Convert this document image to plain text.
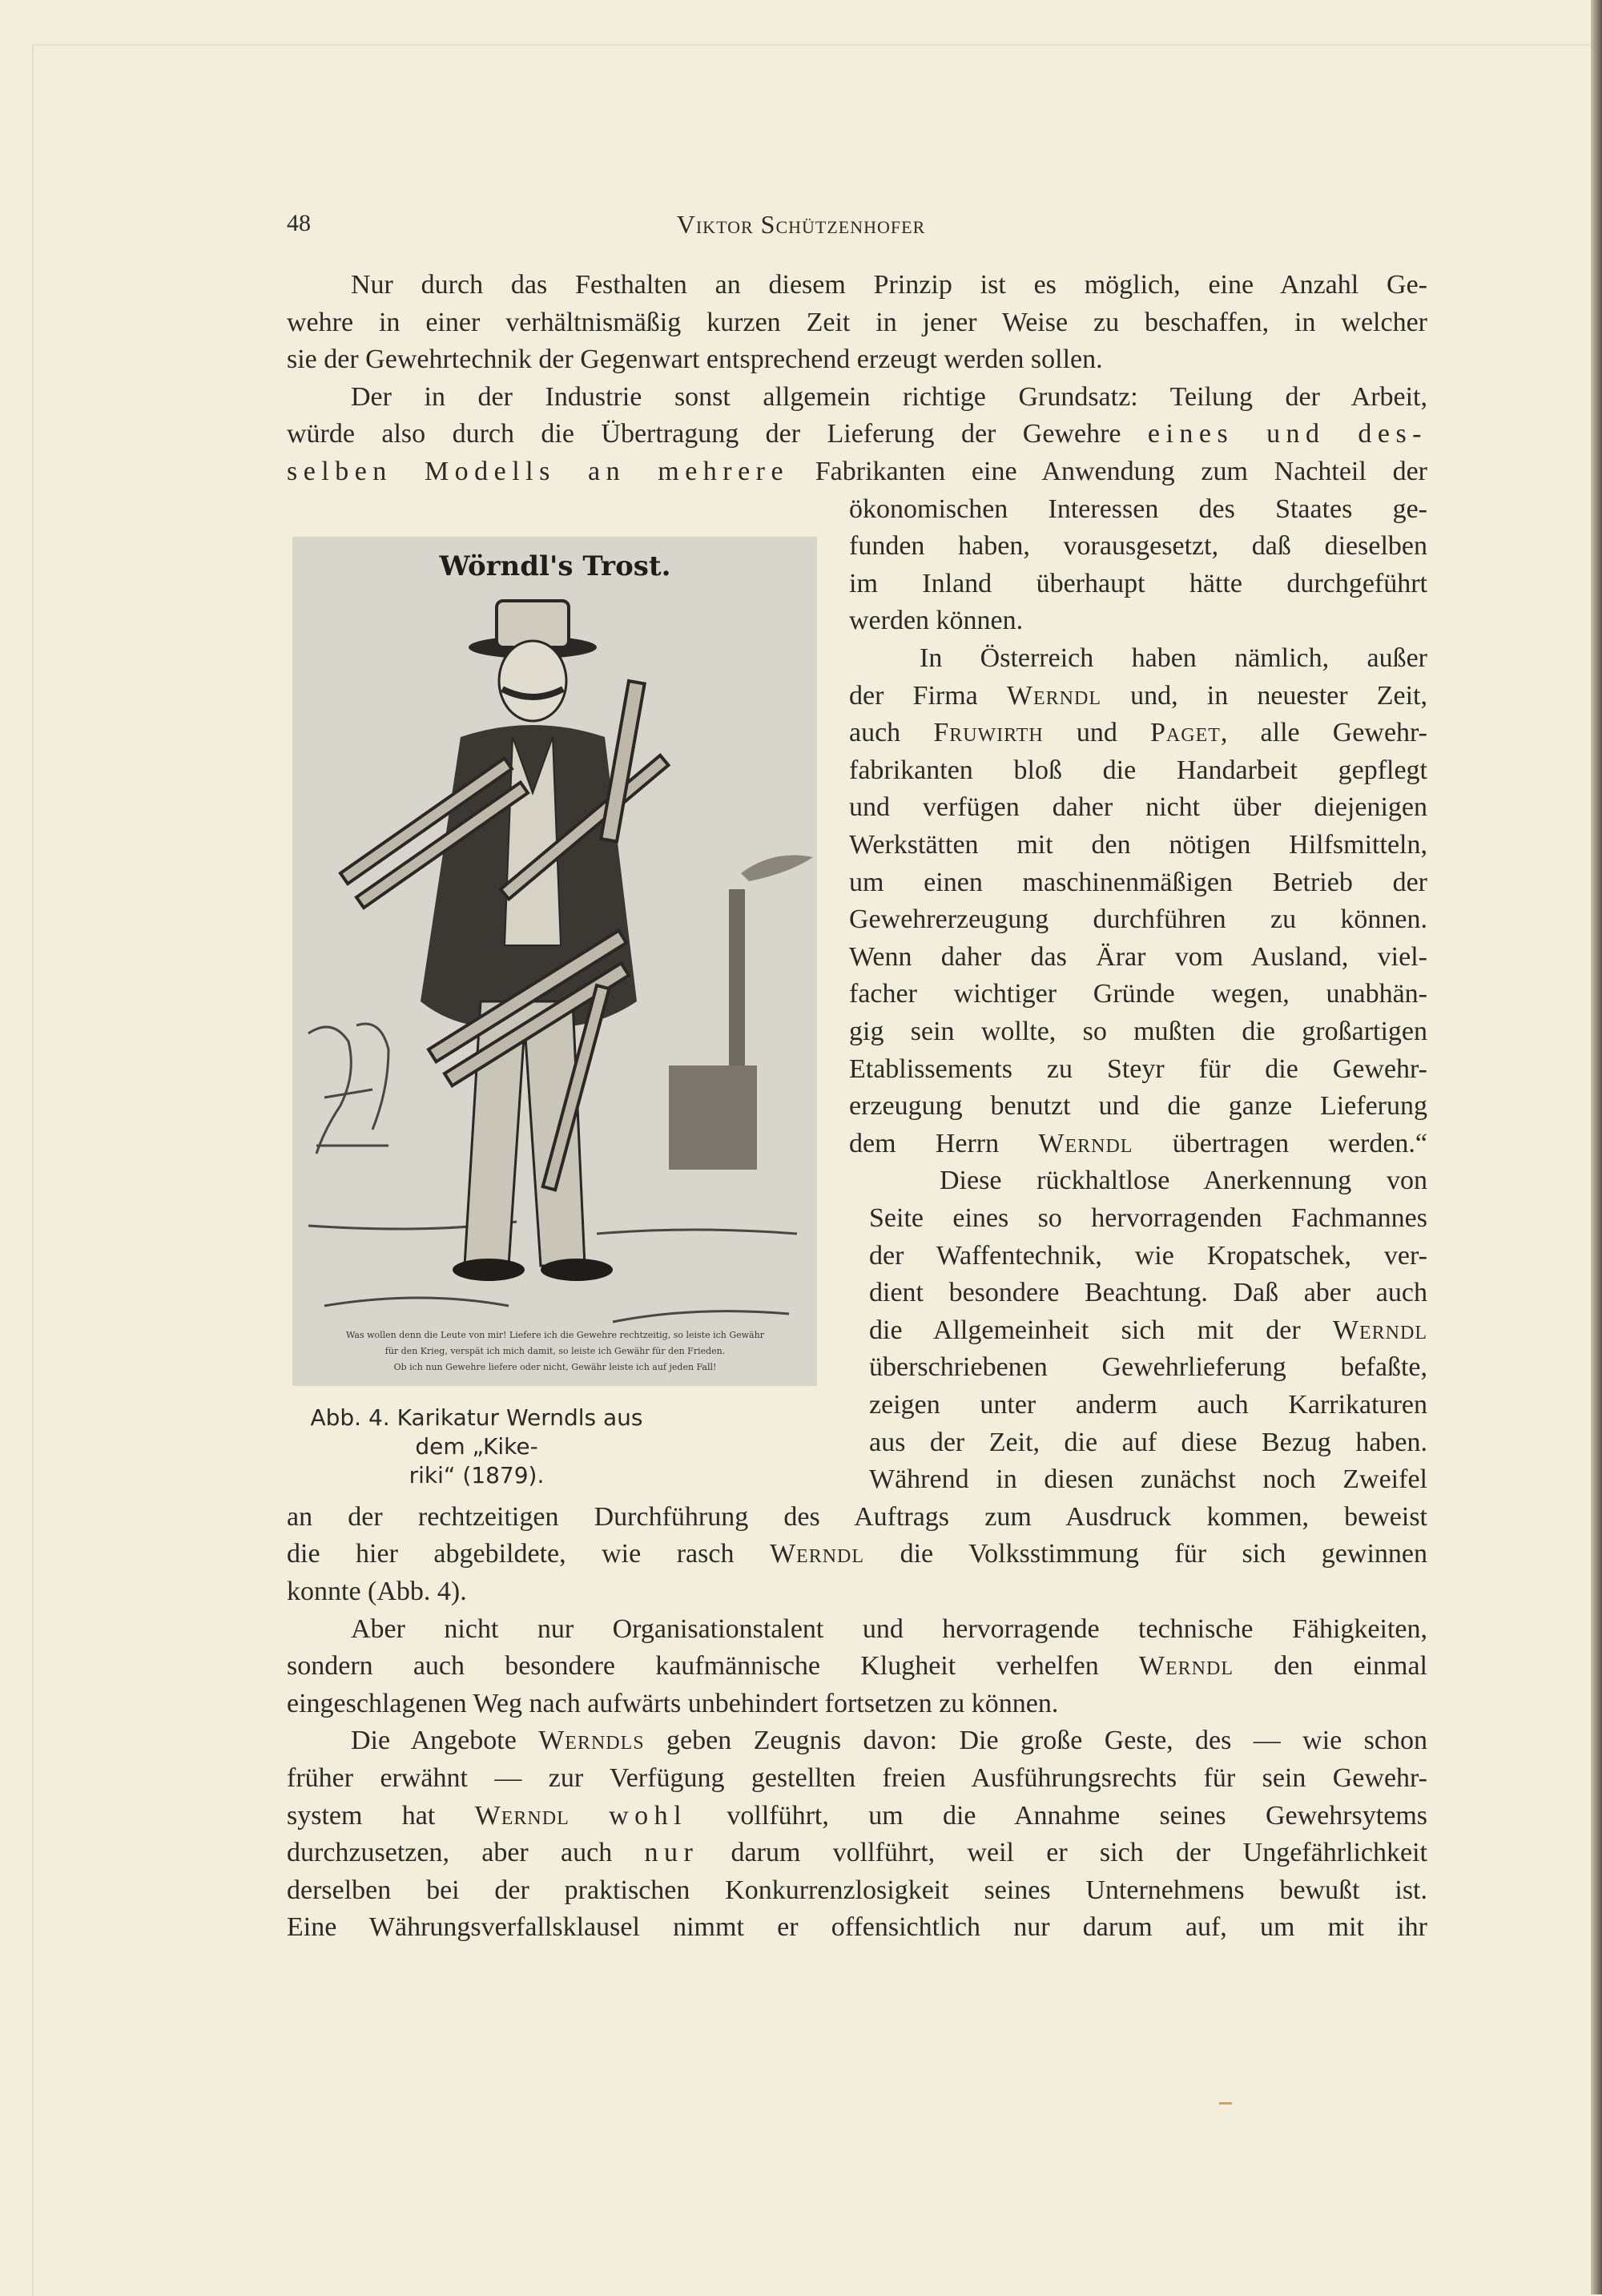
48	Viktor Schützenhofer
Nur durch das Festhalten an diesem Prinzip ist es möglich, eine Anzahl Ge-
wehre in einer verhältnismäßig kurzen Zeit in jener Weise zu beschaffen, in welcher
sie der Gewehrtechnik der Gegenwart entsprechend erzeugt werden sollen.
Der in der Industrie sonst allgemein richtige Grundsatz: Teilung der Arbeit,
würde also durch die Übertragung der Lieferung der Gewehre eines und des-
selben Modells an mehrere Fabrikanten eine Anwendung zum Nachteil der
ökonomischen Interessen des Staates ge-
funden haben, vorausgesetzt, daß dieselben
im Inland überhaupt hätte durchgeführt
werden können.
In Österreich haben nämlich, außer
der Firma Werndl und, in neuester Zeit,
auch Fruwirth und Paget, alle Gewehr-
fabrikanten bloß die Handarbeit gepflegt
und verfügen daher nicht über diejenigen
Werkstätten mit den nötigen Hilfsmitteln,
um einen maschinenmäßigen Betrieb der
Gewehrerzeugung durchführen zu können.
Wenn daher das Ärar vom Ausland, viel-
facher wichtiger Gründe wegen, unabhän-
gig sein wollte, so mußten die großartigen
Etablissements zu Steyr für die Gewehr-
erzeugung benutzt und die ganze Lieferung
dem Herrn Werndl übertragen werden.“
Diese rückhaltlose Anerkennung von
Seite eines so hervorragenden Fachmannes
der Waffentechnik, wie Kropatschek, ver-
dient besondere Beachtung. Daß aber auch
die Allgemeinheit sich mit der Werndl
überschriebenen Gewehrlieferung befaßte,
zeigen unter anderm auch Karrikaturen
aus der Zeit, die auf diese Bezug haben.
Während in diesen zunächst noch Zweifel
an der rechtzeitigen Durchführung des Auftrags zum Ausdruck kommen, beweist
die hier abgebildete, wie rasch Werndl die Volksstimmung für sich gewinnen
konnte (Abb. 4).
Aber nicht nur Organisationstalent und hervorragende technische Fähigkeiten,
sondern auch besondere kaufmännische Klugheit verhelfen Werndl den einmal
eingeschlagenen Weg nach aufwärts unbehindert fortsetzen zu können.
Die Angebote Werndls geben Zeugnis davon: Die große Geste, des — wie schon
früher erwähnt — zur Verfügung gestellten freien Ausführungsrechts für sein Gewehr-
system hat Werndl wohl vollführt, um die Annahme seines Gewehrsytems
durchzusetzen, aber auch nur darum vollführt, weil er sich der Ungefährlichkeit
derselben bei der praktischen Konkurrenzlosigkeit seines Unternehmens bewußt ist.
Eine Währungsverfallsklausel nimmt er offensichtlich nur darum auf, um mit ihr
Wörndl's Trost.
Was wollen denn die Leute von mir! Liefere ich die Gewehre rechtzeitig, so leiste ich Gewähr
für den Krieg, verspät ich mich damit, so leiste ich Gewähr für den Frieden.
Ob ich nun Gewehre liefere oder nicht, Gewähr leiste ich auf jeden Fall!
Abb. 4. Karikatur Werndls aus dem „Kike-
riki“ (1879).
